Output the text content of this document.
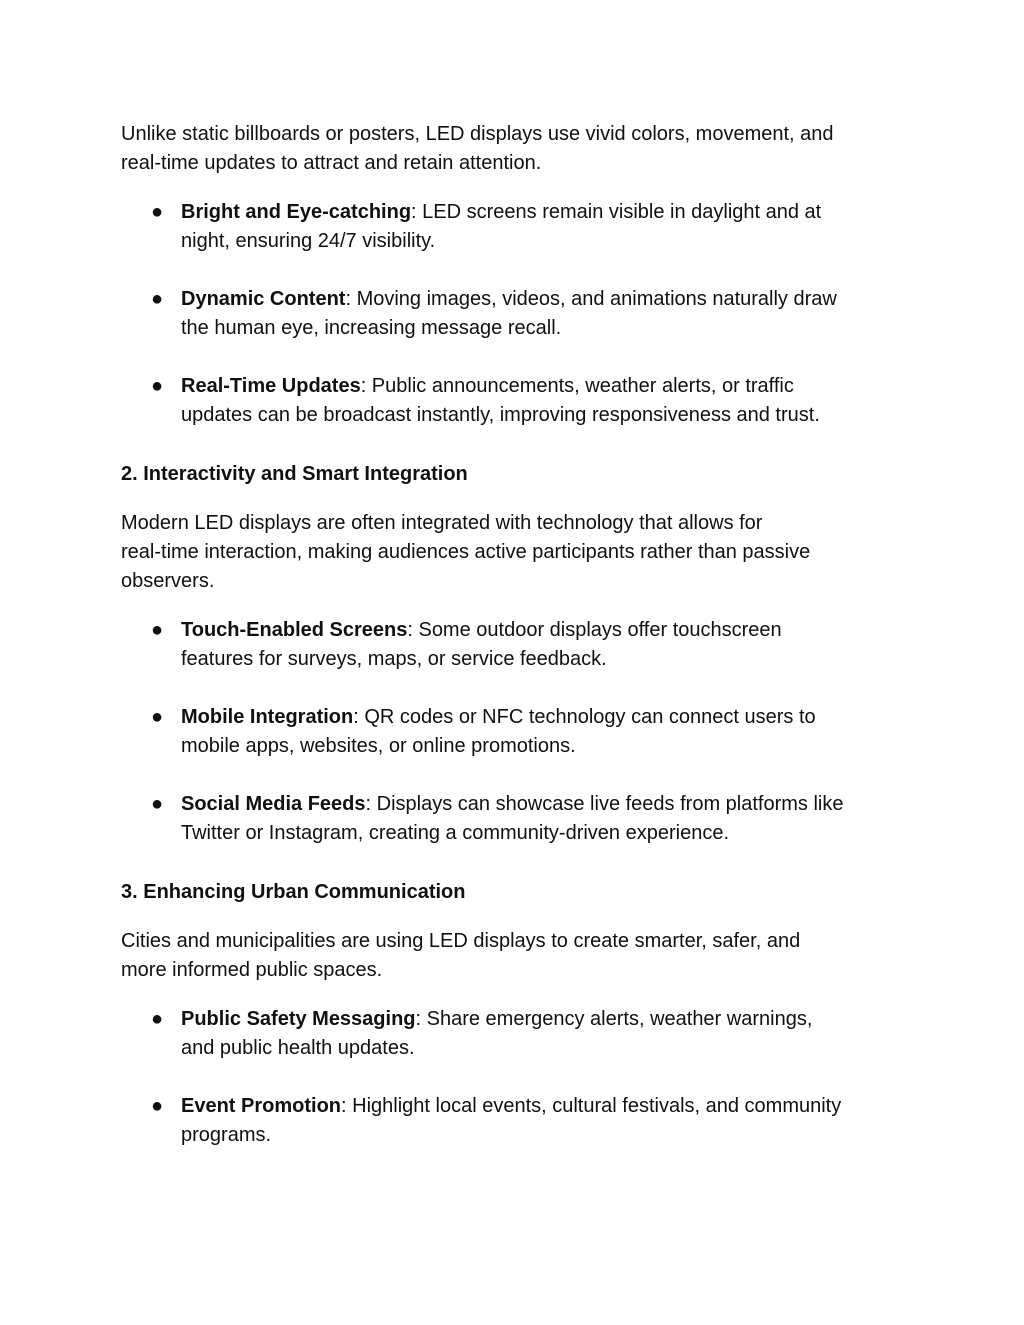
Unlike static billboards or posters, LED displays use vivid colors, movement, and
real-time updates to attract and retain attention.

● Bright and Eye-catching: LED screens remain visible in daylight and at
night, ensuring 24/7 visibility.
● Dynamic Content: Moving images, videos, and animations naturally draw
the human eye, increasing message recall.
● Real-Time Updates: Public announcements, weather alerts, or traffic
updates can be broadcast instantly, improving responsiveness and trust.

2. Interactivity and Smart Integration

Modern LED displays are often integrated with technology that allows for
real-time interaction, making audiences active participants rather than passive
observers.

● Touch-Enabled Screens: Some outdoor displays offer touchscreen
features for surveys, maps, or service feedback.
● Mobile Integration: QR codes or NFC technology can connect users to
mobile apps, websites, or online promotions.
● Social Media Feeds: Displays can showcase live feeds from platforms like
Twitter or Instagram, creating a community-driven experience.

3. Enhancing Urban Communication

Cities and municipalities are using LED displays to create smarter, safer, and
more informed public spaces.

● Public Safety Messaging: Share emergency alerts, weather warnings,
and public health updates.
● Event Promotion: Highlight local events, cultural festivals, and community
programs.
